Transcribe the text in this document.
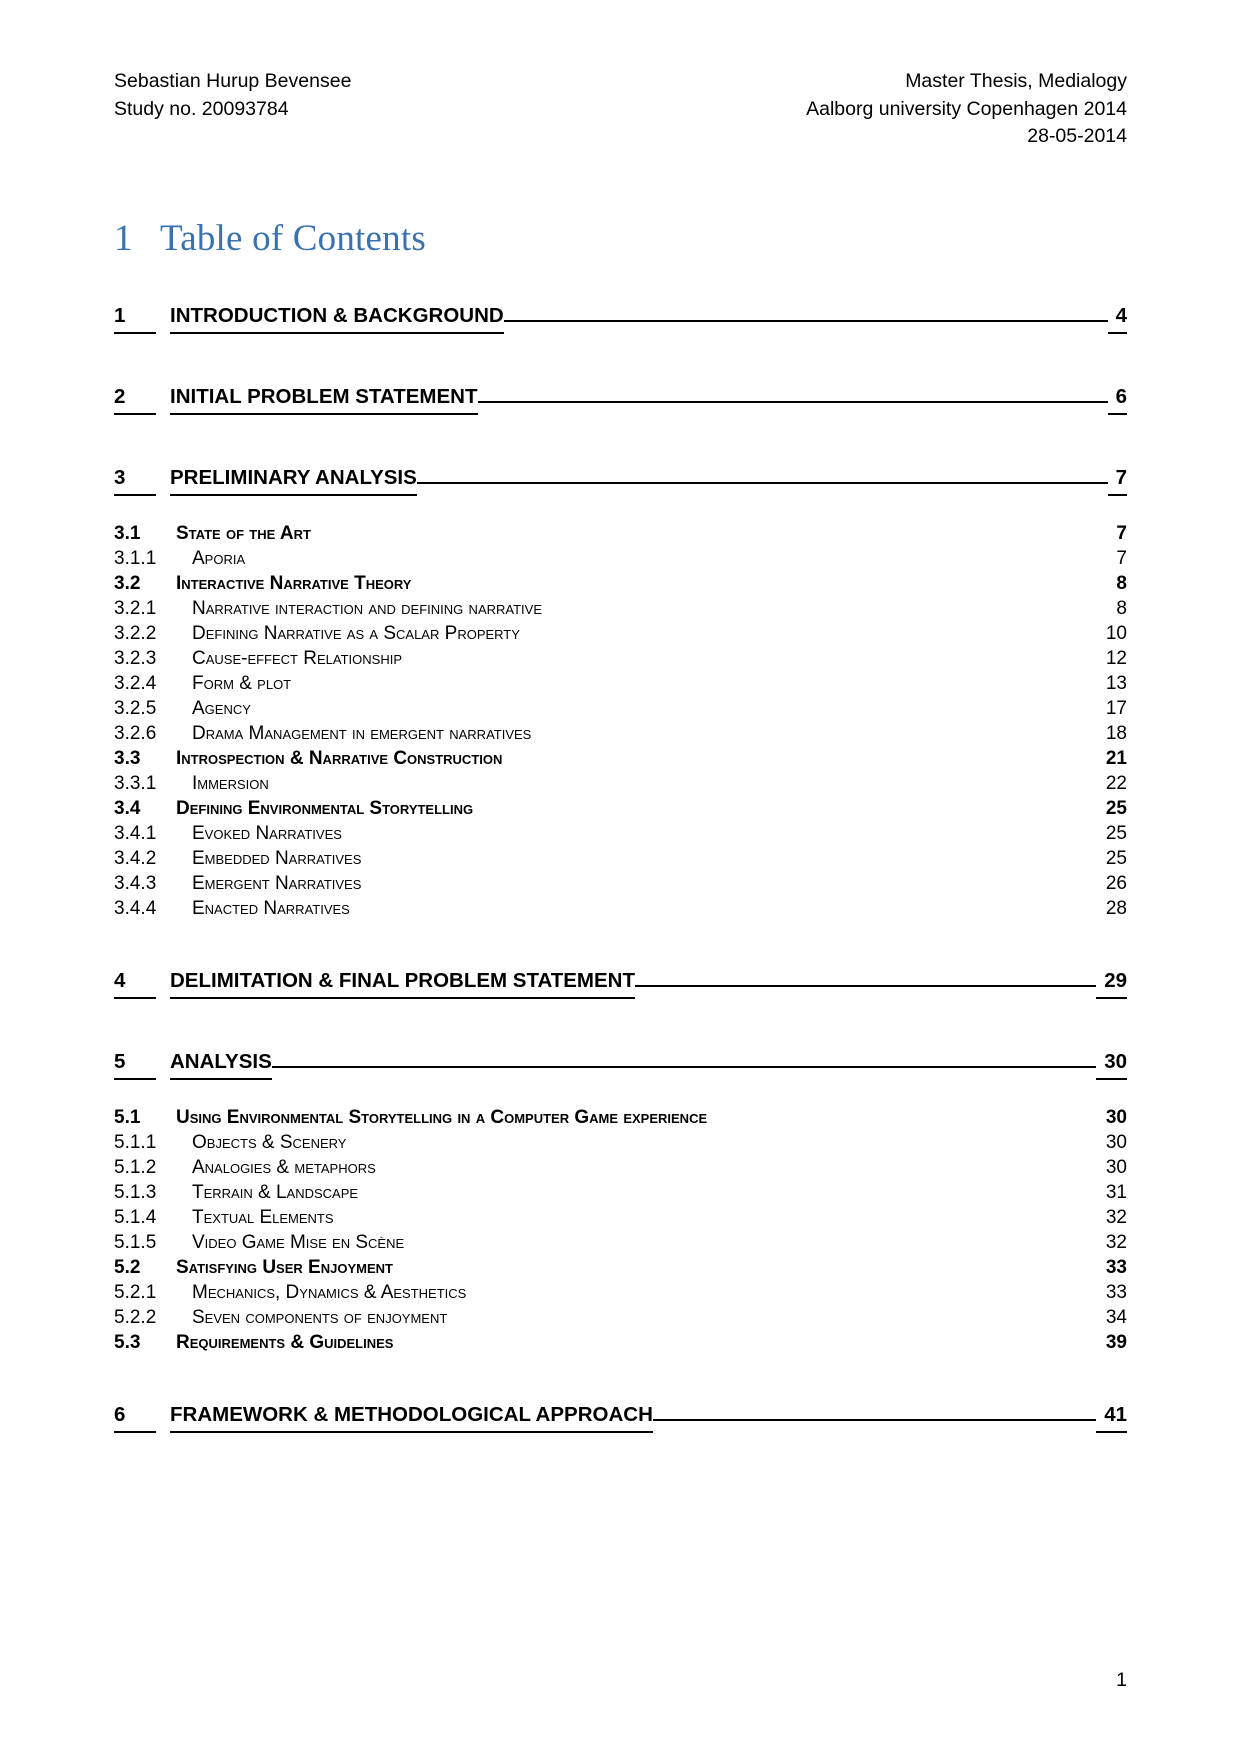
Sebastian Hurup Bevensee
Study no. 20093784
Master Thesis, Medialogy
Aalborg university Copenhagen 2014
28-05-2014
1 Table of Contents
1	INTRODUCTION & BACKGROUND	4
2	INITIAL PROBLEM STATEMENT	6
3	PRELIMINARY ANALYSIS	7
3.1	State of the Art	7
3.1.1	Aporia	7
3.2	Interactive Narrative Theory	8
3.2.1	Narrative interaction and defining narrative	8
3.2.2	Defining Narrative as a Scalar Property	10
3.2.3	Cause-effect Relationship	12
3.2.4	Form & plot	13
3.2.5	Agency	17
3.2.6	Drama Management in emergent narratives	18
3.3	Introspection & Narrative Construction	21
3.3.1	Immersion	22
3.4	Defining Environmental Storytelling	25
3.4.1	Evoked Narratives	25
3.4.2	Embedded Narratives	25
3.4.3	Emergent Narratives	26
3.4.4	Enacted Narratives	28
4	DELIMITATION & FINAL PROBLEM STATEMENT	29
5	ANALYSIS	30
5.1	Using Environmental Storytelling in a Computer Game experience	30
5.1.1	Objects & Scenery	30
5.1.2	Analogies & metaphors	30
5.1.3	Terrain & Landscape	31
5.1.4	Textual Elements	32
5.1.5	Video Game Mise en Scène	32
5.2	Satisfying User Enjoyment	33
5.2.1	Mechanics, Dynamics & Aesthetics	33
5.2.2	Seven components of enjoyment	34
5.3	Requirements & Guidelines	39
6	FRAMEWORK & METHODOLOGICAL APPROACH	41
1
